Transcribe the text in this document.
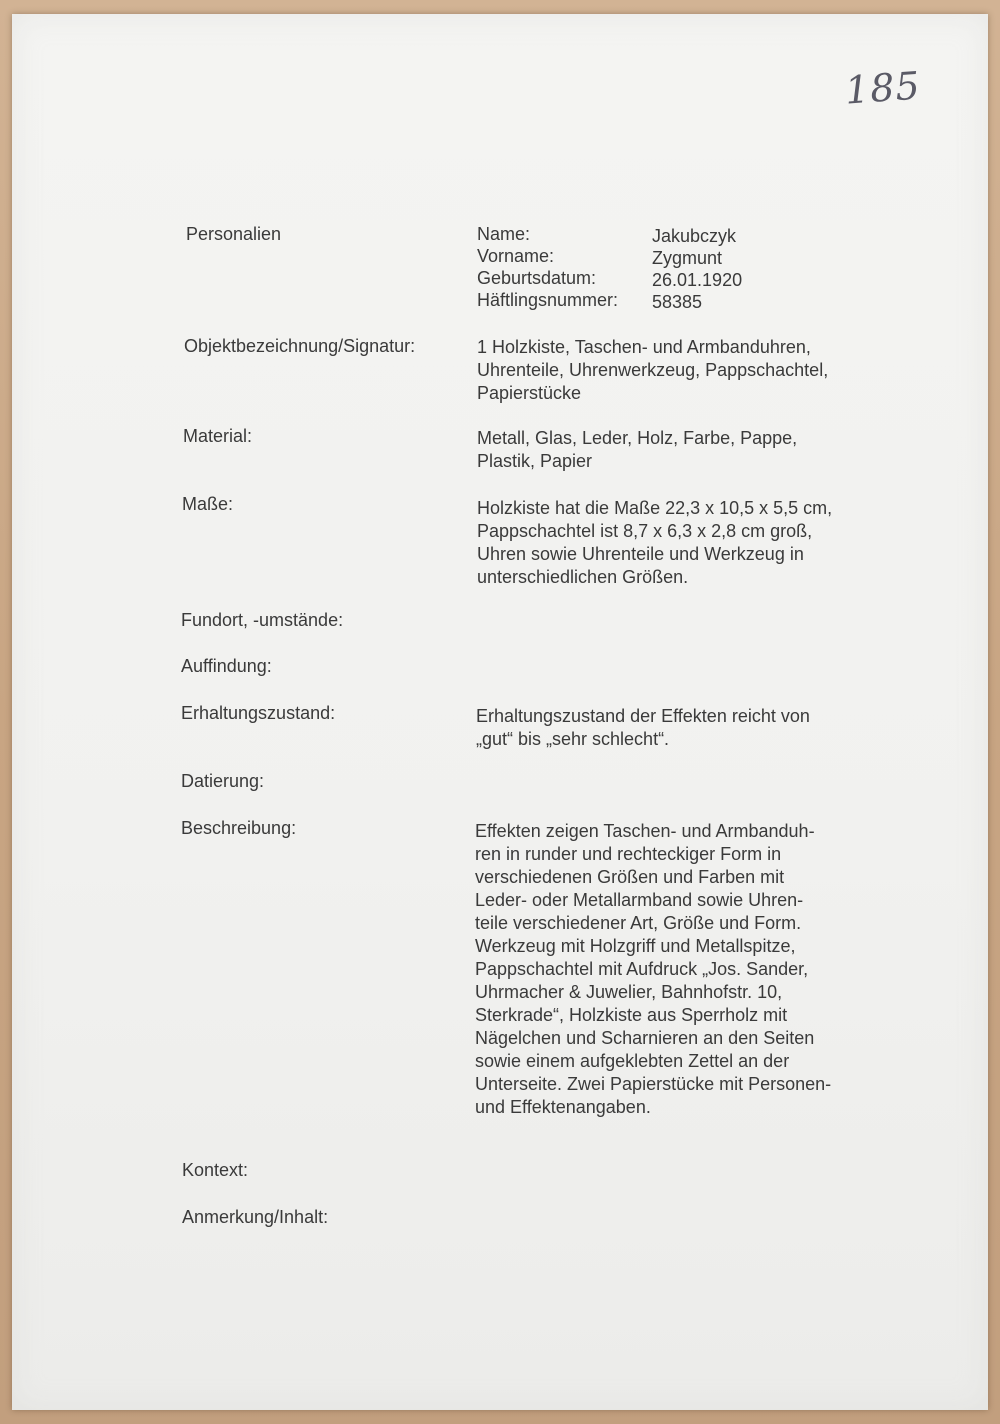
185
Personalien	Name:	Jakubczyk
Vorname:	Zygmunt
Geburtsdatum:	26.01.1920
Häftlingsnummer:	58385
Objektbezeichnung/Signatur:	1 Holzkiste, Taschen- und Armbanduhren,
Uhrenteile, Uhrenwerkzeug, Pappschachtel,
Papierstücke
Material:	Metall, Glas, Leder, Holz, Farbe, Pappe,
Plastik, Papier
Maße:	Holzkiste hat die Maße 22,3 x 10,5 x 5,5 cm,
Pappschachtel ist 8,7 x 6,3 x 2,8 cm groß,
Uhren sowie Uhrenteile und Werkzeug in
unterschiedlichen Größen.
Fundort, -umstände:
Auffindung:
Erhaltungszustand:	Erhaltungszustand der Effekten reicht von
„gut“ bis „sehr schlecht“.
Datierung:
Beschreibung:	Effekten zeigen Taschen- und Armbanduh-
ren in runder und rechteckiger Form in
verschiedenen Größen und Farben mit
Leder- oder Metallarmband sowie Uhren-
teile verschiedener Art, Größe und Form.
Werkzeug mit Holzgriff und Metallspitze,
Pappschachtel mit Aufdruck „Jos. Sander,
Uhrmacher & Juwelier, Bahnhofstr. 10,
Sterkrade“, Holzkiste aus Sperrholz mit
Nägelchen und Scharnieren an den Seiten
sowie einem aufgeklebten Zettel an der
Unterseite. Zwei Papierstücke mit Personen-
und Effektenangaben.
Kontext:
Anmerkung/Inhalt:
